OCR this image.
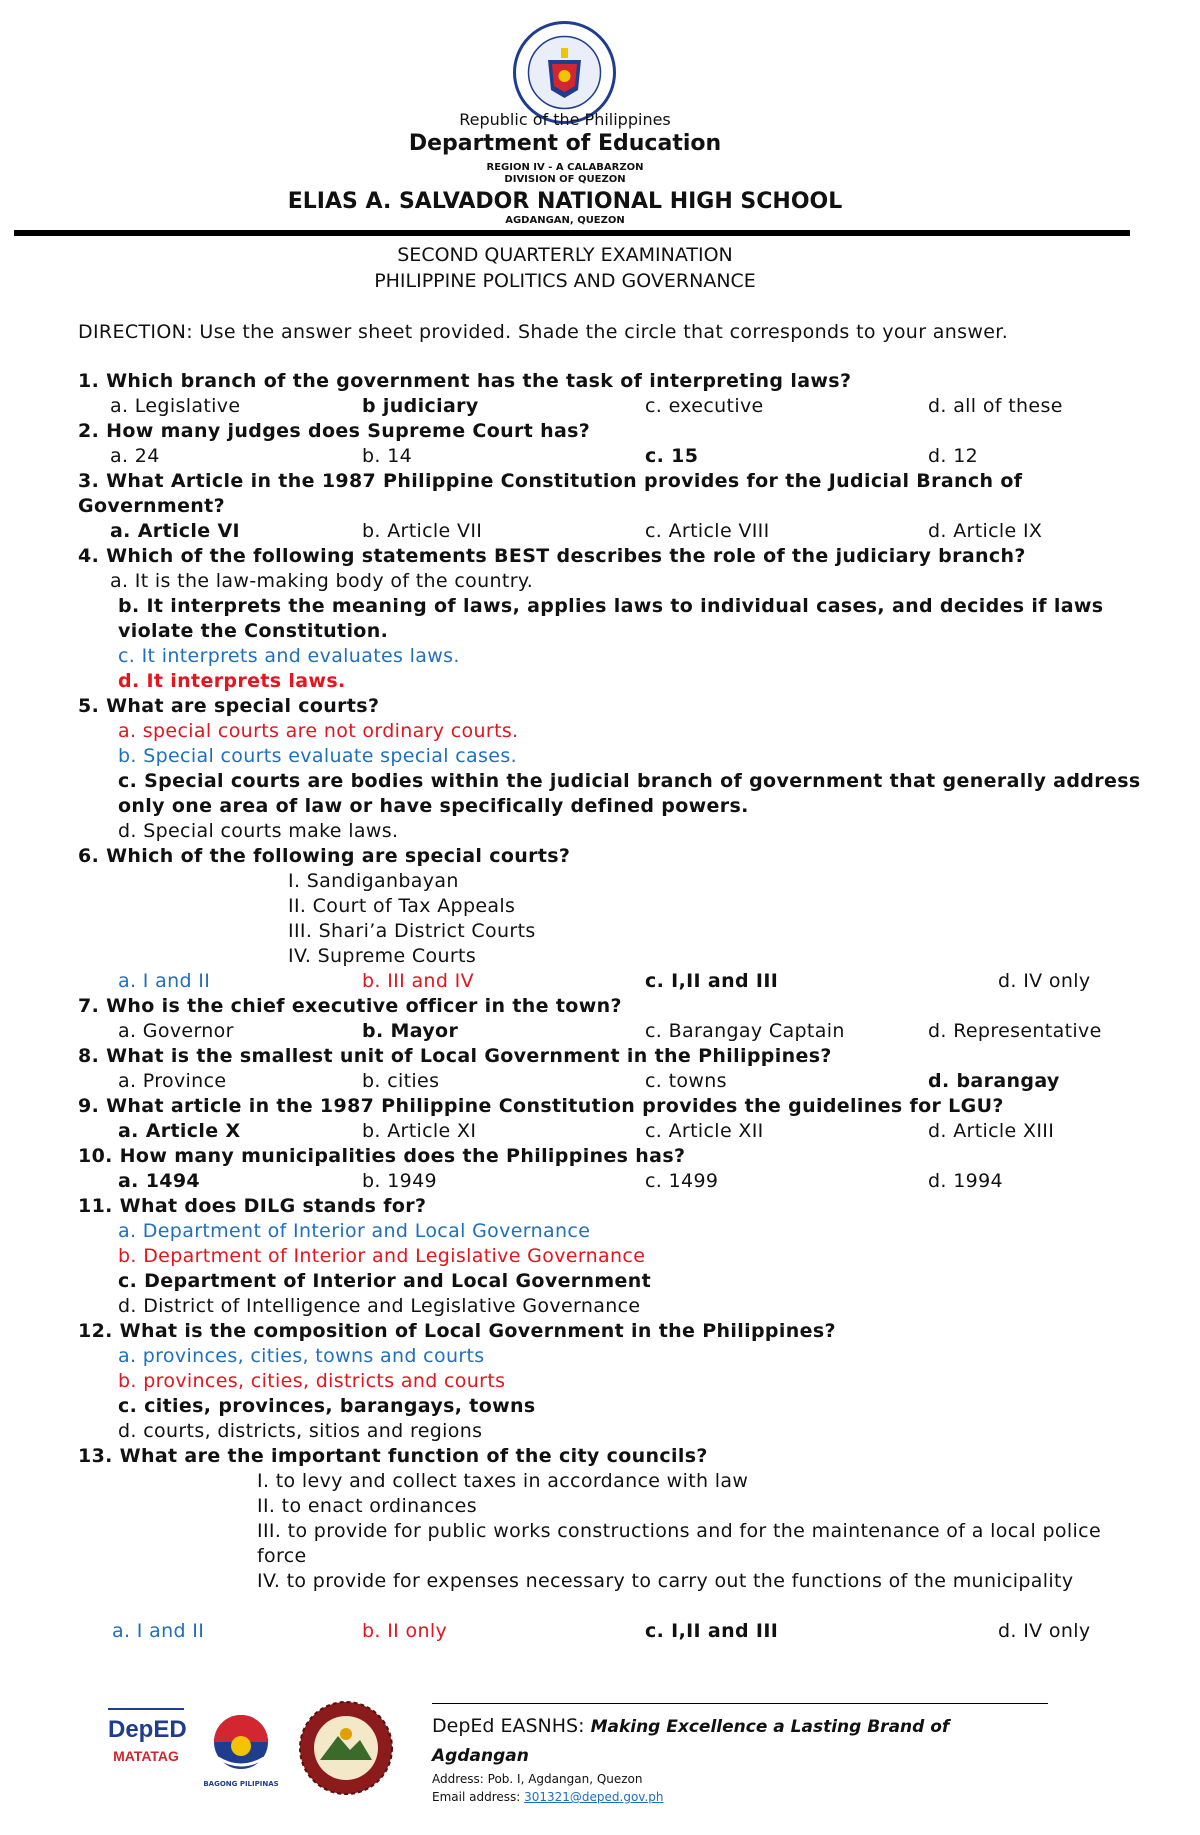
Republic of the Philippines
Department of Education
REGION IV - A CALABARZON
DIVISION OF QUEZON
ELIAS A. SALVADOR NATIONAL HIGH SCHOOL
AGDANGAN, QUEZON
SECOND QUARTERLY EXAMINATION
PHILIPPINE POLITICS AND GOVERNANCE
DIRECTION: Use the answer sheet provided. Shade the circle that corresponds to your answer.
1. Which branch of the government has the task of interpreting laws?
a. Legislative	b judiciary	c. executive	d. all of these
2. How many judges does Supreme Court has?
a. 24	b. 14	c. 15	d. 12
3. What Article in the 1987 Philippine Constitution provides for the Judicial Branch of Government?
a. Article VI	b. Article VII	c. Article VIII	d. Article IX
4. Which of the following statements BEST describes the role of the judiciary branch?
a. It is the law-making body of the country.
b. It interprets the meaning of laws, applies laws to individual cases, and decides if laws violate the Constitution.
c. It interprets and evaluates laws.
d. It interprets laws.
5. What are special courts?
a. special courts are not ordinary courts.
b. Special courts evaluate special cases.
c. Special courts are bodies within the judicial branch of government that generally address only one area of law or have specifically defined powers.
d. Special courts make laws.
6. Which of the following are special courts?
I. Sandiganbayan
II. Court of Tax Appeals
III. Shari’a District Courts
IV. Supreme Courts
a. I and II	b. III and IV	c. I,II and III	d. IV only
7. Who is the chief executive officer in the town?
a. Governor	b. Mayor	c. Barangay Captain	d. Representative
8. What is the smallest unit of Local Government in the Philippines?
a. Province	b. cities	c. towns	d. barangay
9. What article in the 1987 Philippine Constitution provides the guidelines for LGU?
a. Article X	b. Article XI	c. Article XII	d. Article XIII
10. How many municipalities does the Philippines has?
a. 1494	b. 1949	c. 1499	d. 1994
11. What does DILG stands for?
a. Department of Interior and Local Governance
b. Department of Interior and Legislative Governance
c. Department of Interior and Local Government
d. District of Intelligence and Legislative Governance
12. What is the composition of Local Government in the Philippines?
a. provinces, cities, towns and courts
b. provinces, cities, districts and courts
c. cities, provinces, barangays, towns
d. courts, districts, sitios and regions
13. What are the important function of the city councils?
I. to levy and collect taxes in accordance with law
II. to enact ordinances
III. to provide for public works constructions and for the maintenance of a local police force
IV. to provide for expenses necessary to carry out the functions of the municipality
a. I and II	b. II only	c. I,II and III	d. IV only
DepED
MATATAG
BAGONG PILIPINAS
DepEd EASNHS: Making Excellence a Lasting Brand of Agdangan
Address: Pob. I, Agdangan, Quezon
Email address: 301321@deped.gov.ph
